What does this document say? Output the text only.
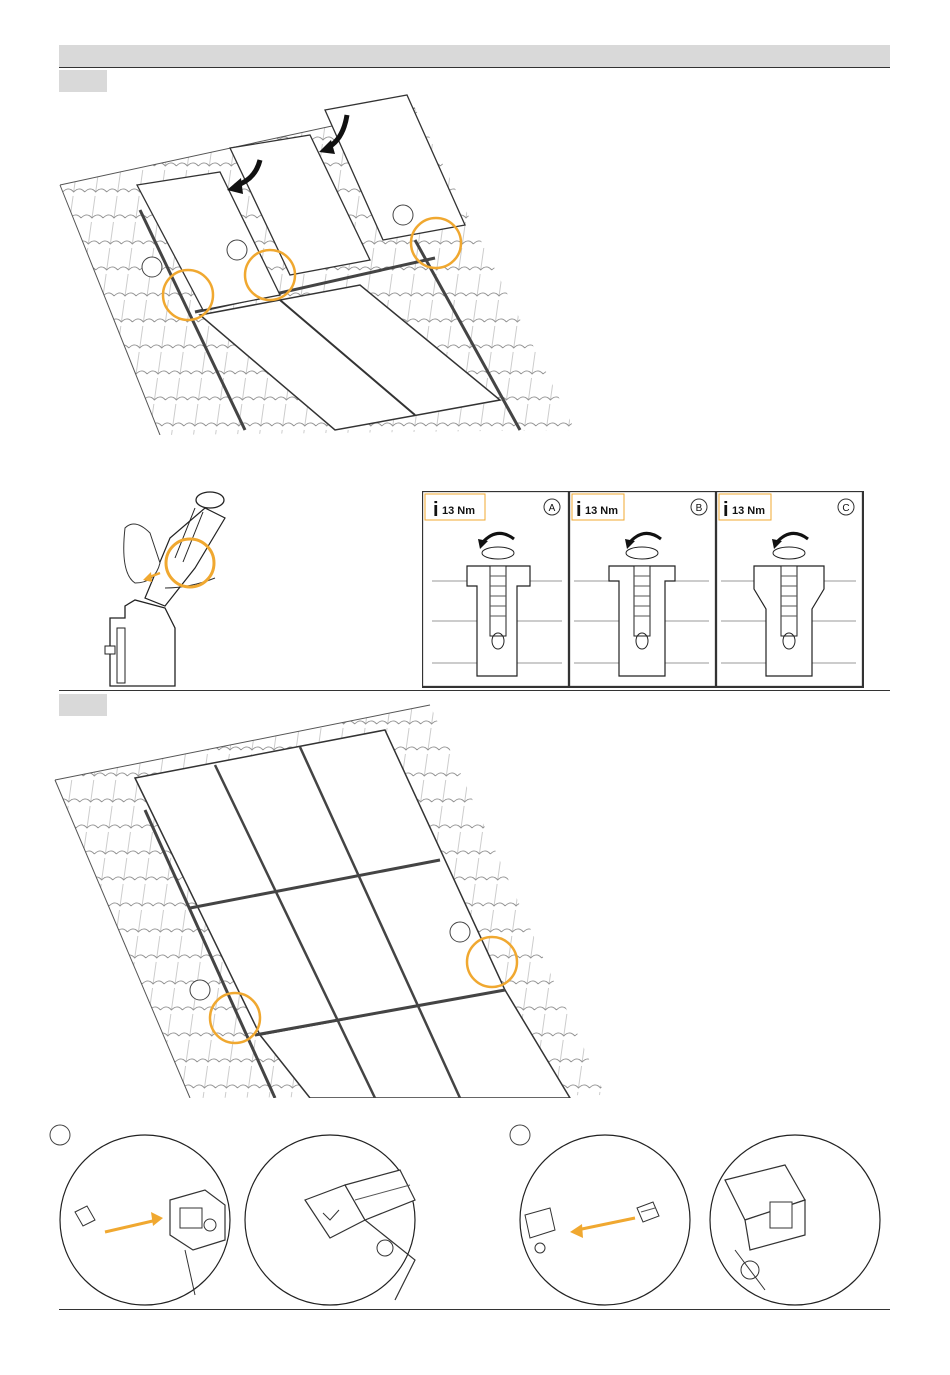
i 13 Nm	A i 13 Nm	B i 13 Nm	C
